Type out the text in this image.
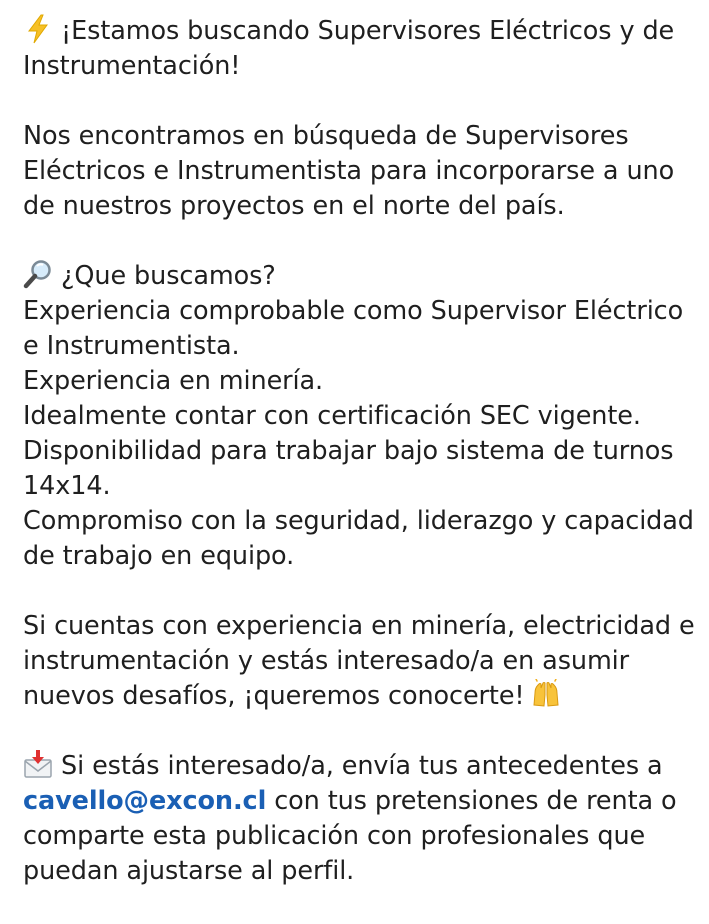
¡Estamos buscando Supervisores Eléctricos y de
Instrumentación!
Nos encontramos en búsqueda de Supervisores
Eléctricos e Instrumentista para incorporarse a uno
de nuestros proyectos en el norte del país.
¿Que buscamos?
Experiencia comprobable como Supervisor Eléctrico
e Instrumentista.
Experiencia en minería.
Idealmente contar con certificación SEC vigente.
Disponibilidad para trabajar bajo sistema de turnos
14x14.
Compromiso con la seguridad, liderazgo y capacidad
de trabajo en equipo.
Si cuentas con experiencia en minería, electricidad e
instrumentación y estás interesado/a en asumir
nuevos desafíos, ¡queremos conocerte!
Si estás interesado/a, envía tus antecedentes a
cavello@excon.cl con tus pretensiones de renta o
comparte esta publicación con profesionales que
puedan ajustarse al perfil.
